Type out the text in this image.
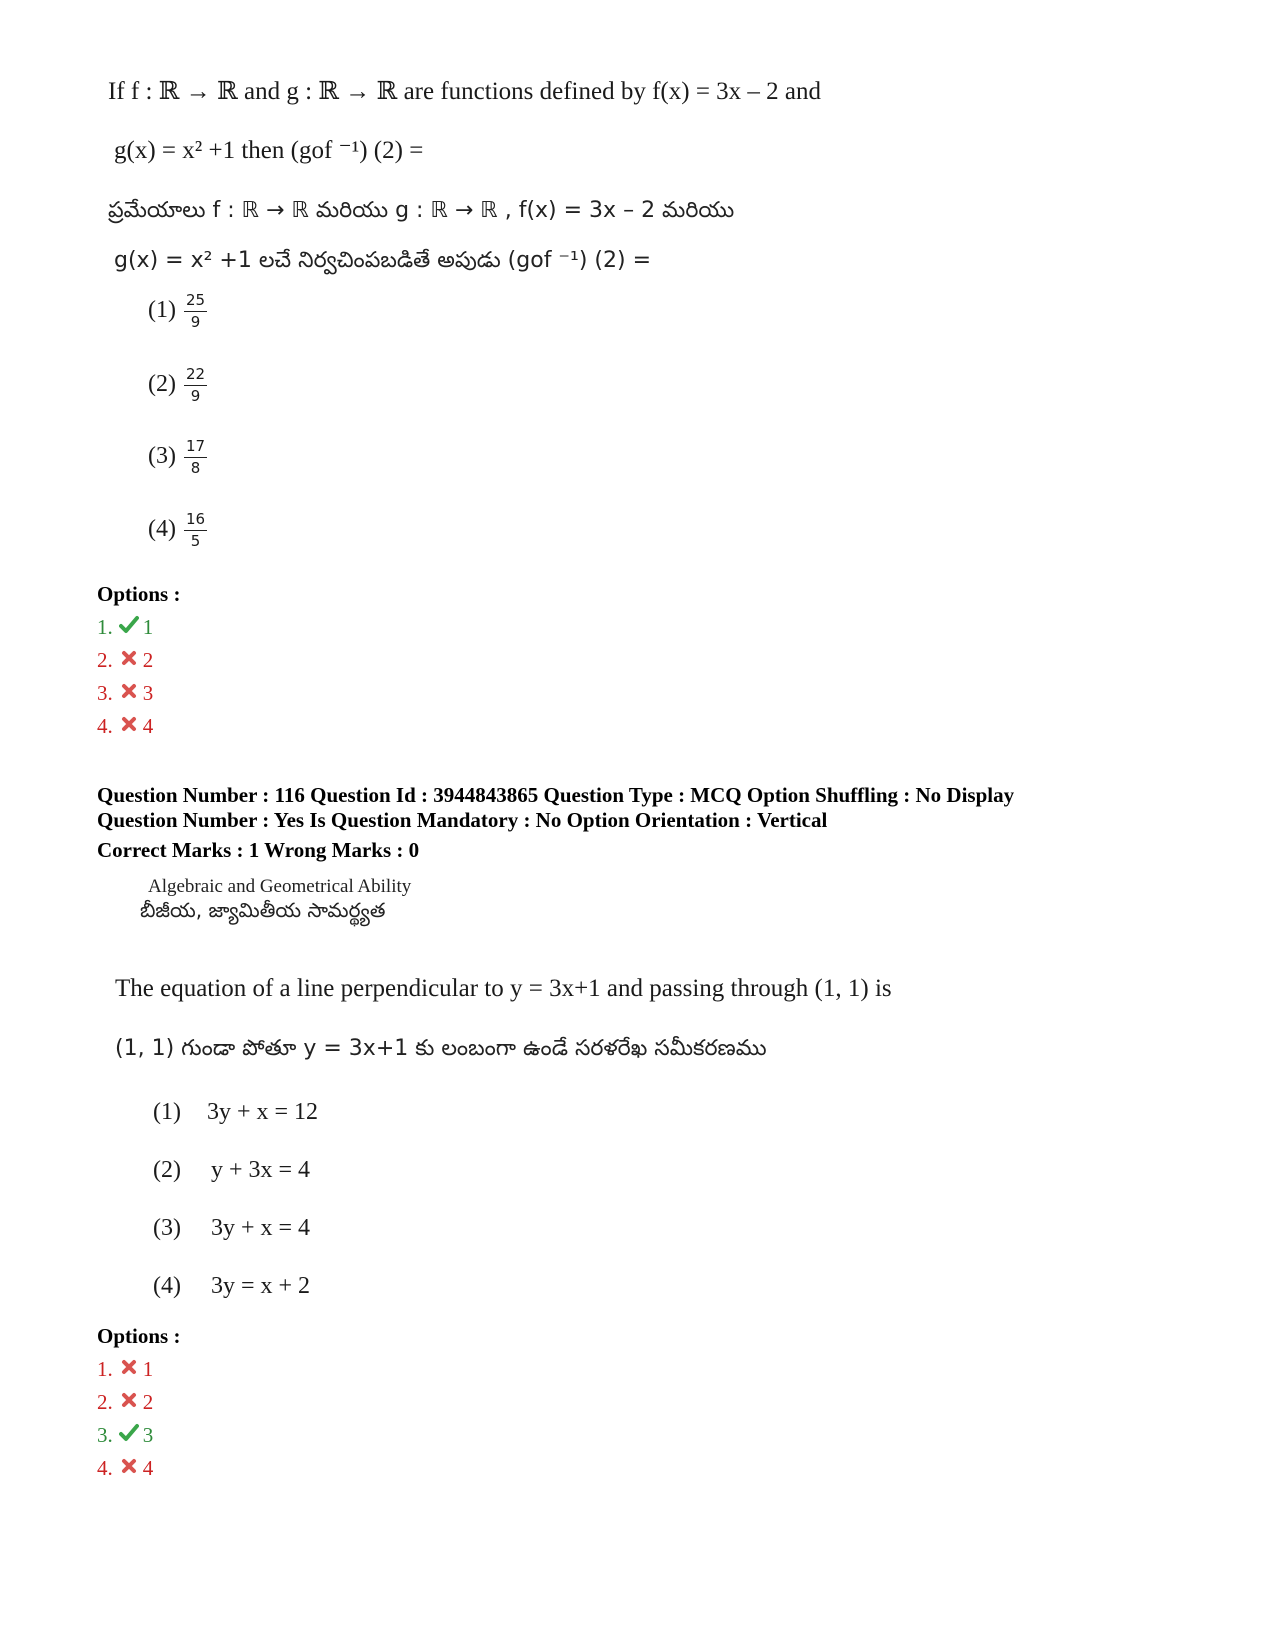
If f : ℝ → ℝ and g : ℝ → ℝ are functions defined by f(x) = 3x – 2 and
g(x) = x² +1 then (gof ⁻¹) (2) =
ప్రమేయాలు f : ℝ → ℝ మరియు g : ℝ → ℝ , f(x) = 3x – 2 మరియు
g(x) = x² +1 లచే నిర్వచింపబడితే అపుడు (gof ⁻¹) (2) =
$(1) \frac{25}{9}$
$(2) \frac{22}{9}$
$(3) \frac{17}{8}$
$(4) \frac{16}{5}$
Options :
1. 1
2. 2
3. 3
4. 4
Question Number : 116 Question Id : 3944843865 Question Type : MCQ Option Shuffling : No Display
Question Number : Yes Is Question Mandatory : No Option Orientation : Vertical
Correct Marks : 1 Wrong Marks : 0
Algebraic and Geometrical Ability
బీజీయ, జ్యామితీయ సామర్థ్యత
The equation of a line perpendicular to y = 3x+1 and passing through (1, 1) is
(1, 1) గుండా పోతూ y = 3x+1 కు లంబంగా ఉండే సరళరేఖ సమీకరణము
(1) 3y + x = 12
(2) y + 3x = 4
(3) 3y + x = 4
(4) 3y = x + 2
Options :
1. 1
2. 2
3. 3
4. 4
